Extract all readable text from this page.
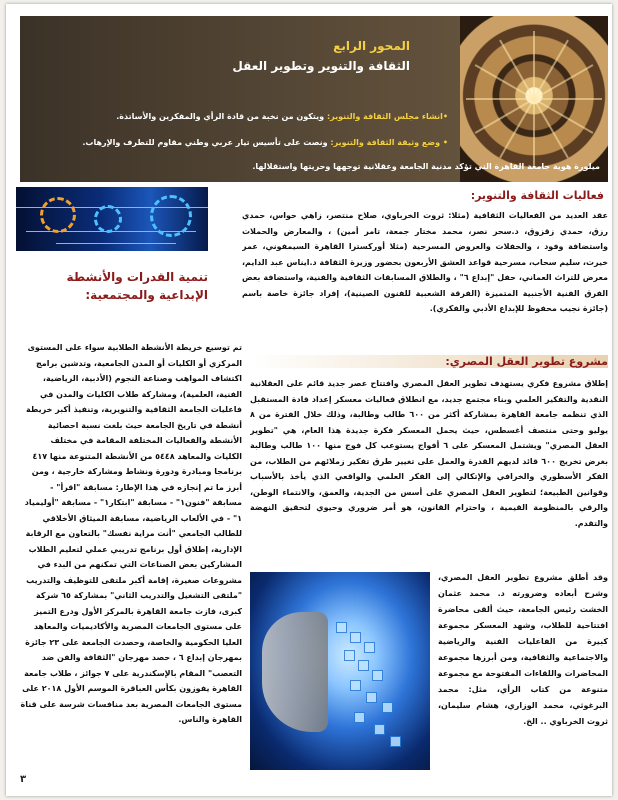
المحور الرابع
الثقافة والتنوير وتطوير العقل
•انشاء مجلس الثقافة والتنوير: ويتكون من نخبة من قادة الرأي والمفكرين والأساتذة.
• وضع وثيقة الثقافة والتنوير: ونصت على تأسيس تيار عربي وطني مقاوم للتطرف والإرهاب.
ميلورة هوية جامعة القاهرة التي تؤكد مدنية الجامعة وعقلانية توجهها وحريتها واستقلالها.
فعاليات الثقافة والتنوير:
عقد العديد من الفعاليات الثقافية (مثلا: ثروت الخرباوي، صلاح منتصر، زاهي حواس، حمدي رزق، حمدي زقزوق، د.سحر نصر، محمد مختار جمعة، تامر أمين) ، والمعارض والحملات واستضافة وفود ، والحفلات والعروض المسرحية (مثلا أوركسترا القاهرة السيمفوني، عمر خيرت، سليم سحاب، مسرحية قواعد العشق الأربعون بحضور وزيرة الثقافة د.ايناس عبد الدايم، معرض للتراث العماني، حفل "إبداع ٦" ، والطلاق المسابقات الثقافية والفنية، واستضافة بعض الفرق الفنية الأجنبية المتميزة (الفرقة الشعبية للفنون الصينية)، إفراد جائزة خاصة باسم (جائزة نجيب محفوظ للإبداع الأدبي والفكري).
تنمية القدرات والأنشطة الإبداعية والمجتمعية:
تم توسيع خريطة الأنشطة الطلابية سواء على المستوى المركزي أو الكليات أو المدن الجامعية، وتدشين برامج اكتشاف المواهب وصناعة النجوم (الأدبية، الرياضية، الفنية، العلمية)، ومشاركة طلاب الكليات والمدن في فاعليات الجامعة الثقافية والتنويرية، وتنفيذ أكبر خريطة أنشطة في تاريخ الجامعة حيث بلغت نسبة احصائية الأنشطة والفعاليات المختلفة المقامة في مختلف الكليات والمعاهد ٥٤٤٨ من الأنشطة المتنوعة منها ٤١٧ برنامجا ومبادرة ودورة ونشاط ومشاركة خارجية ، ومن أبرز ما تم إنجازه في هذا الإطار: مسابقة "اقرأ" - مسابقة "فنون١" - مسابقة "ابتكار١" - مسابقة "أوليمياد ١" - في الألعاب الرياضية، مسابقة الميثاق الأخلاقي للطالب الجامعي "أنت مراية نفسك" بالتعاون مع الرقابة الإدارية، إطلاق أول برنامج تدريبي عملي لتعليم الطلاب المشاركين بعض الصناعات التي تمكنهم من البدء في مشروعات صغيرة، إقامة أكبر ملتقى للتوظيف والتدريب "ملتقى التشغيل والتدريب الثاني" بمشاركة ٦٥ شركة كبرى، فازت جامعة القاهرة بالمركز الأول ودرع التميز على مستوى الجامعات المصرية والأكاديميات والمعاهد العليا الحكومية والخاصة، وحصدت الجامعة على ٢٣ جائزة بمهرجان إبداع ٦ ، حصد مهرجان "الثقافة والفن ضد التعصب" المقام بالإسكندرية على ٧ جوائز ، طلاب جامعة القاهرة يفوزون بكأس العباقرة الموسم الأول ٢٠١٨ على مستوى الجامعات المصرية بعد منافسات شرسة على قناة القاهرة والناس.
مشروع تطوير العقل المصري:
إطلاق مشروع فكري يستهدف تطوير العقل المصري وافتتاح عصر جديد قائم على العقلانية النقدية والتفكير العلمي وبناء مجتمع جديد، مع انطلاق فعاليات معسكر إعداد قادة المستقبل الذي تنظمه جامعة القاهرة بمشاركة أكثر من ٦٠٠ طالب وطالبة، وذلك خلال الفترة من ٨ يوليو وحتى منتصف أغسطس، حيث يحمل المعسكر فكرة جديدة هذا العام، هي "تطوير العقل المصري" ويشتمل المعسكر على ٦ أفواج يستوعب كل فوج منها ١٠٠ طالب وطالبة بغرض تخريج ٦٠٠ قائد لديهم القدرة والعمل على تغيير طرق تفكير زملائهم من الطلاب، من الفكر الأسطوري والخرافي والإتكالي إلى الفكر العلمي والواقعي الذي يأخذ بالأسباب وقوانين الطبيعة؛ لتطوير العقل المصري على أسس من الجدية، والعمق، والانتماء الوطن، والرقي بالمنظومة القيمية ، واحترام القانون، هو أمر ضروري وحيوي لتحقيق النهضة والتقدم.
وقد أطلق مشروع تطوير العقل المصري، وشرح أبعاده وضرورته د. محمد عثمان الخشت رئيس الجامعة، حيث ألقى محاضرة افتتاحية للطلاب، وشهد المعسكر مجموعة كبيرة من الفاعليات الفنية والرياضية والاجتماعية والثقافية، ومن أبرزها مجموعة المحاضرات واللقاءات المفتوحة مع مجموعة متنوعة من كتاب الرأي، مثل: محمد البرغوثي، محمد الوزاري، هشام سليمان، ثروت الخرباوي .. الخ.
٣
